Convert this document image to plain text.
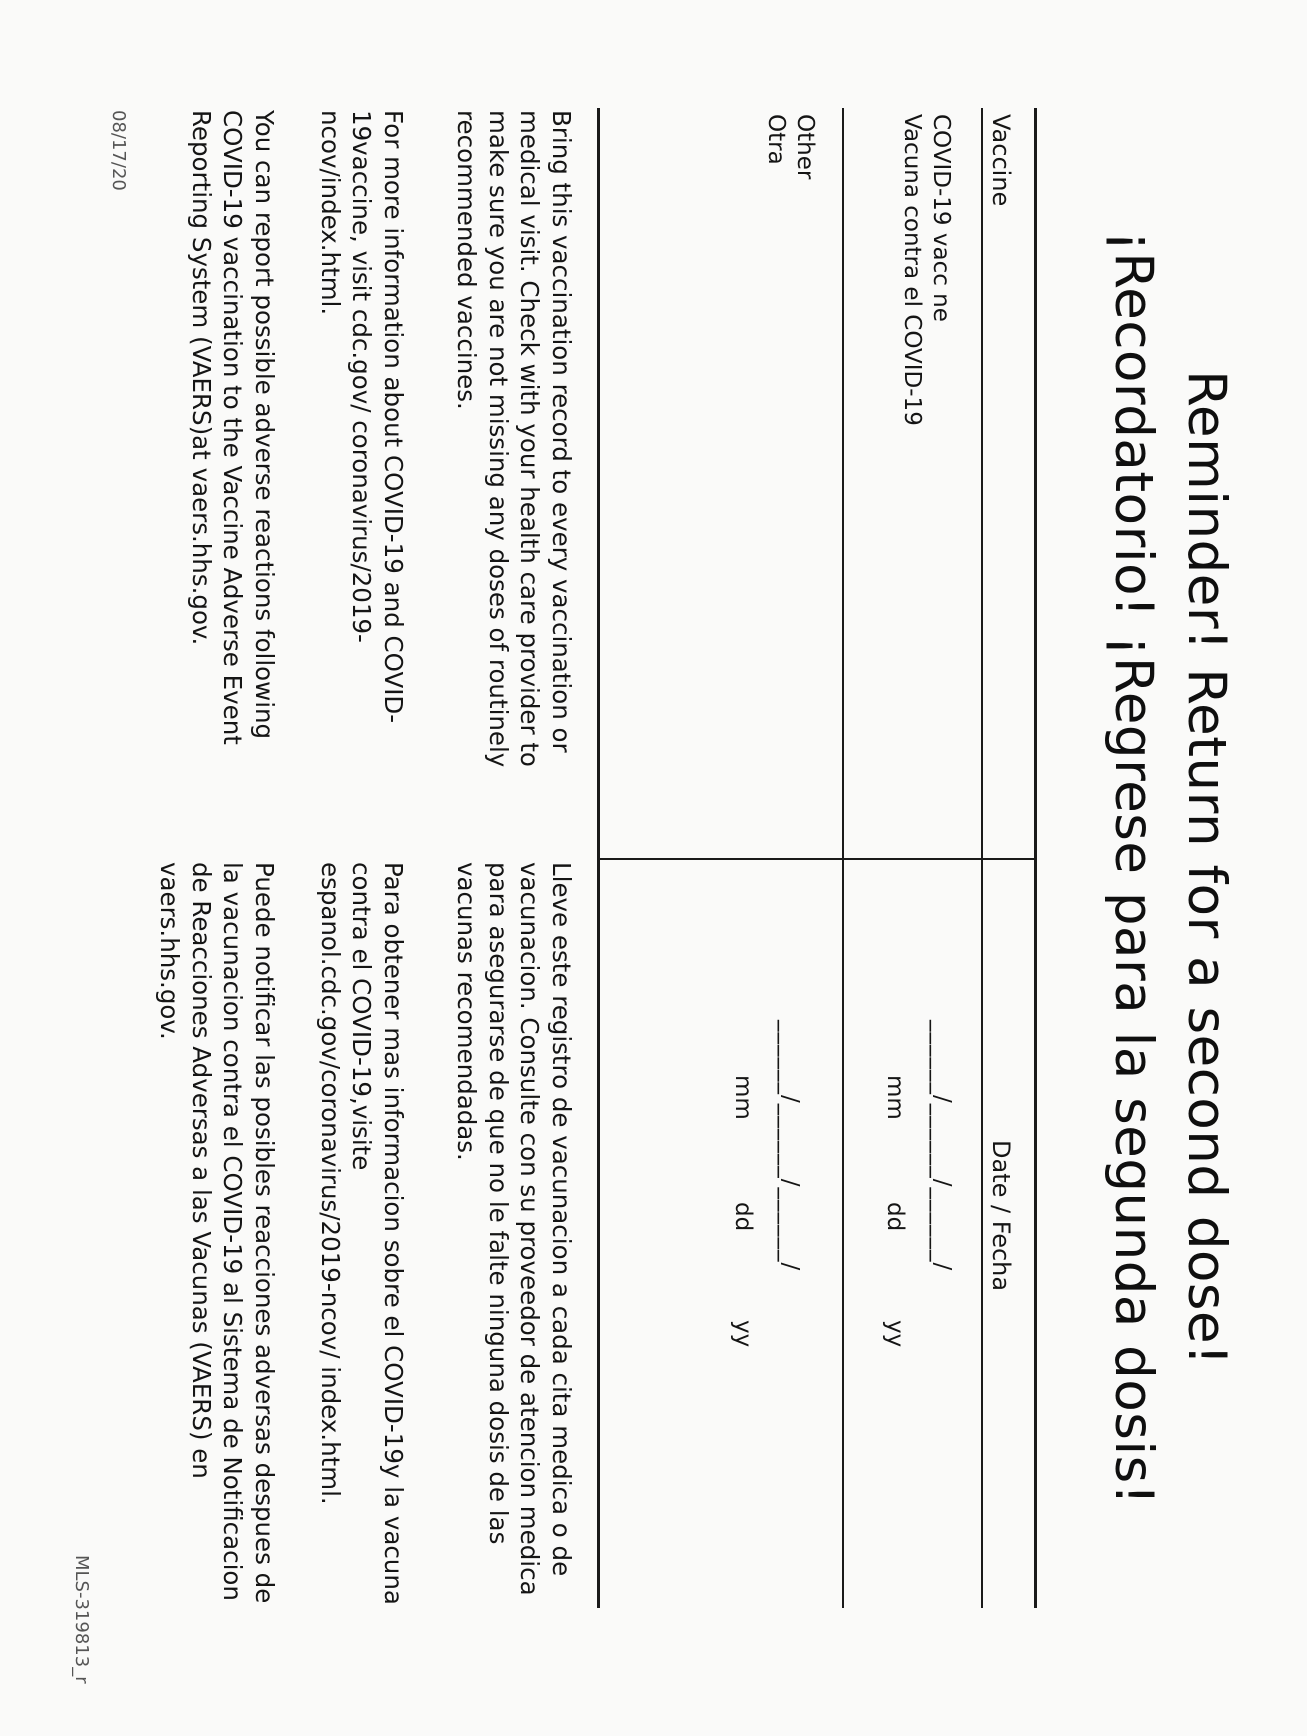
Reminder! Return for a second dose!
¡Recordatorio! ¡Regrese para la segunda dosis!
Vaccine
Date / Fecha
COVID-19 vacc ne
Vacuna contra el COVID-19
______/______/______/
mm
dd
yy
Other
Otra
______/______/______/
mm
dd
yy
Bring this vaccination record to every vaccination or medical visit. Check with your health care provider to make sure you are not missing any doses of routinely recommended vaccines.
For more information about COVID-19 and COVID-19vaccine, visit cdc.gov/ coronavirus/2019-ncov/index.html.
You can report possible adverse reactions following COVID-19 vaccination to the Vaccine Adverse Event Reporting System (VAERS)at vaers.hhs.gov.
08/17/20
Lleve este registro de vacunacion a cada cita medica o de vacunacion. Consulte con su proveedor de atencion medica para asegurarse de que no le falte ninguna dosis de las vacunas recomendadas.
Para obtener mas informacion sobre el COVID-19y la vacuna contra el COVID-19,visite espanol.cdc.gov/coronavirus/2019-ncov/ index.html.
Puede notificar las posibles reacciones adversas despues de la vacunacion contra el COVID-19 al Sistema de Notificacion de Reacciones Adversas a las Vacunas (VAERS) en vaers.hhs.gov.
MLS-319813_r
